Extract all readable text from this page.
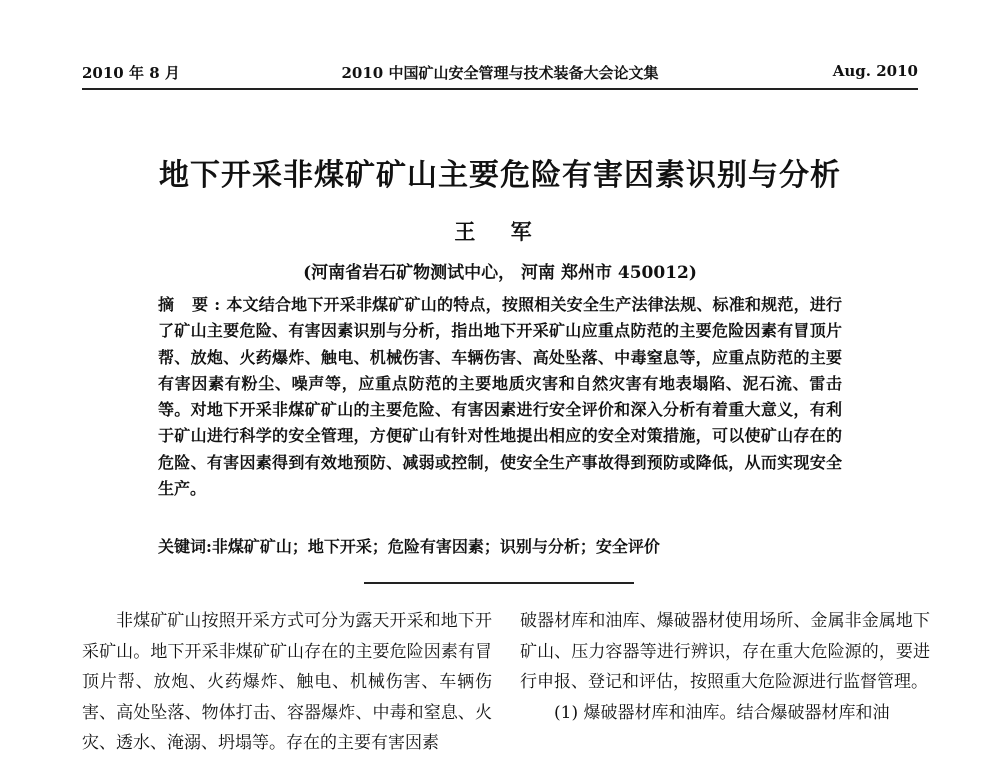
2010 年 8 月	2010 中国矿山安全管理与技术装备大会论文集	Aug. 2010
地下开采非煤矿矿山主要危险有害因素识别与分析
王 军
(河南省岩石矿物测试中心， 河南 郑州市 450012)
摘 要:本文结合地下开采非煤矿矿山的特点，按照相关安全生产法律法规、标准和规范，进行了矿山主要危险、有害因素识别与分析，指出地下开采矿山应重点防范的主要危险因素有冒顶片帮、放炮、火药爆炸、触电、机械伤害、车辆伤害、高处坠落、中毒窒息等，应重点防范的主要有害因素有粉尘、噪声等，应重点防范的主要地质灾害和自然灾害有地表塌陷、泥石流、雷击等。对地下开采非煤矿矿山的主要危险、有害因素进行安全评价和深入分析有着重大意义，有利于矿山进行科学的安全管理，方便矿山有针对性地提出相应的安全对策措施，可以使矿山存在的危险、有害因素得到有效地预防、减弱或控制，使安全生产事故得到预防或降低，从而实现安全生产。
关键词:非煤矿矿山；地下开采；危险有害因素；识别与分析；安全评价

非煤矿矿山按照开采方式可分为露天开采和地下开采矿山。地下开采非煤矿矿山存在的主要危险因素有冒顶片帮、放炮、火药爆炸、触电、机械伤害、车辆伤害、高处坠落、物体打击、容器爆炸、中毒和窒息、火灾、透水、淹溺、坍塌等。存在的主要有害因素

破器材库和油库、爆破器材使用场所、金属非金属地下矿山、压力容器等进行辨识，存在重大危险源的，要进行申报、登记和评估，按照重大危险源进行监督管理。

(1) 爆破器材库和油库。结合爆破器材库和油
